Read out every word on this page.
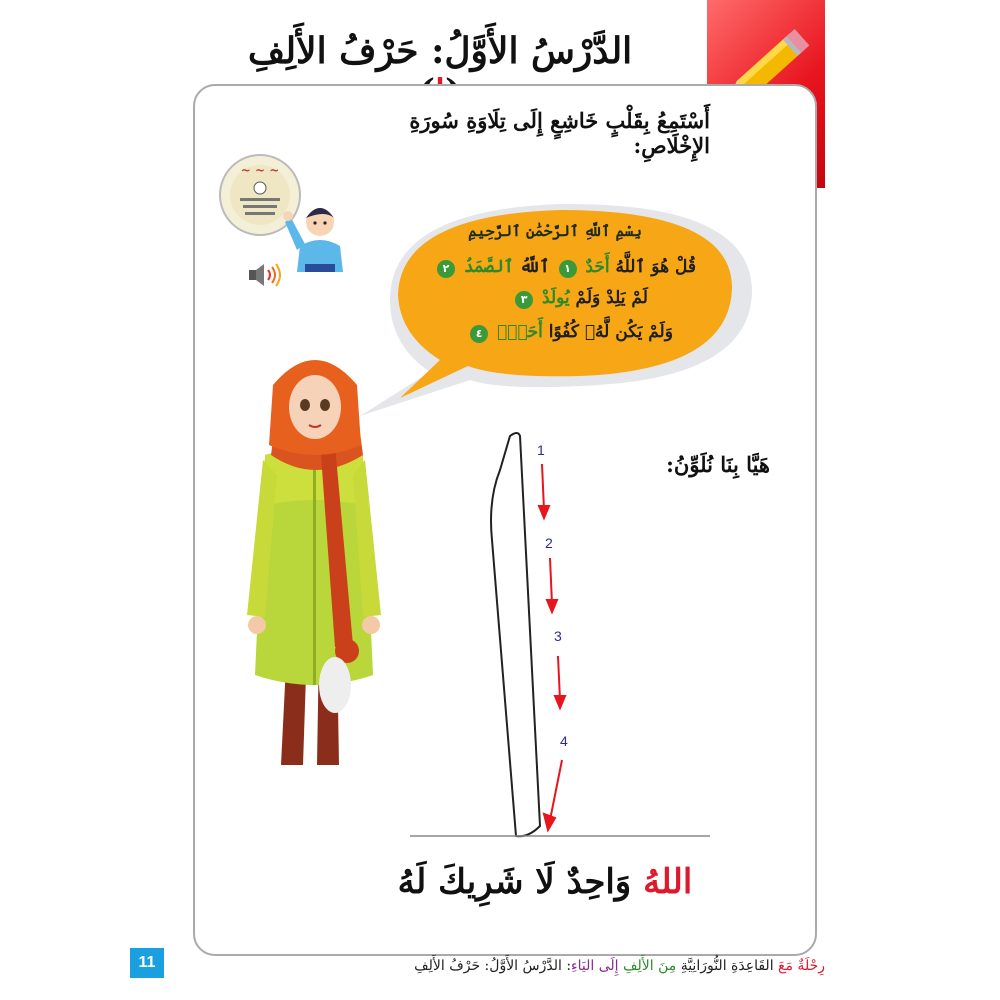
الدَّرْسُ الأَوَّلُ: حَرْفُ الأَلِفِ
أَسْتَمِعُ بِقَلْبٍ خَاشِعٍ إِلَى تِلَاوَةِ سُورَةِ الإِخْلَاصِ:
~ ~ ~
بِسْمِ ٱللَّهِ ٱلرَّحْمَٰنِ ٱلرَّحِيمِ
قُلْ هُوَ ٱللَّهُ أَحَدٌ ١ ٱللَّهُ ٱلصَّمَدُ ٢
لَمْ يَلِدْ وَلَمْ يُولَدْ ٣
وَلَمْ يَكُن لَّهُۥ كُفُوًا أَحَدٌۢ ٤
هَيَّا بِنَا نُلَوِّنُ:
1
2
3
4
اللهُ وَاحِدٌ لَا شَرِيكَ لَهُ
11	رِحْلَةٌ مَعَ القَاعِدَةِ النُّورَانِيَّةِ مِنَ الأَلِفِ إِلَى اليَاءِ: الدَّرْسُ الأَوَّلُ: حَرْفُ الأَلِفِ
